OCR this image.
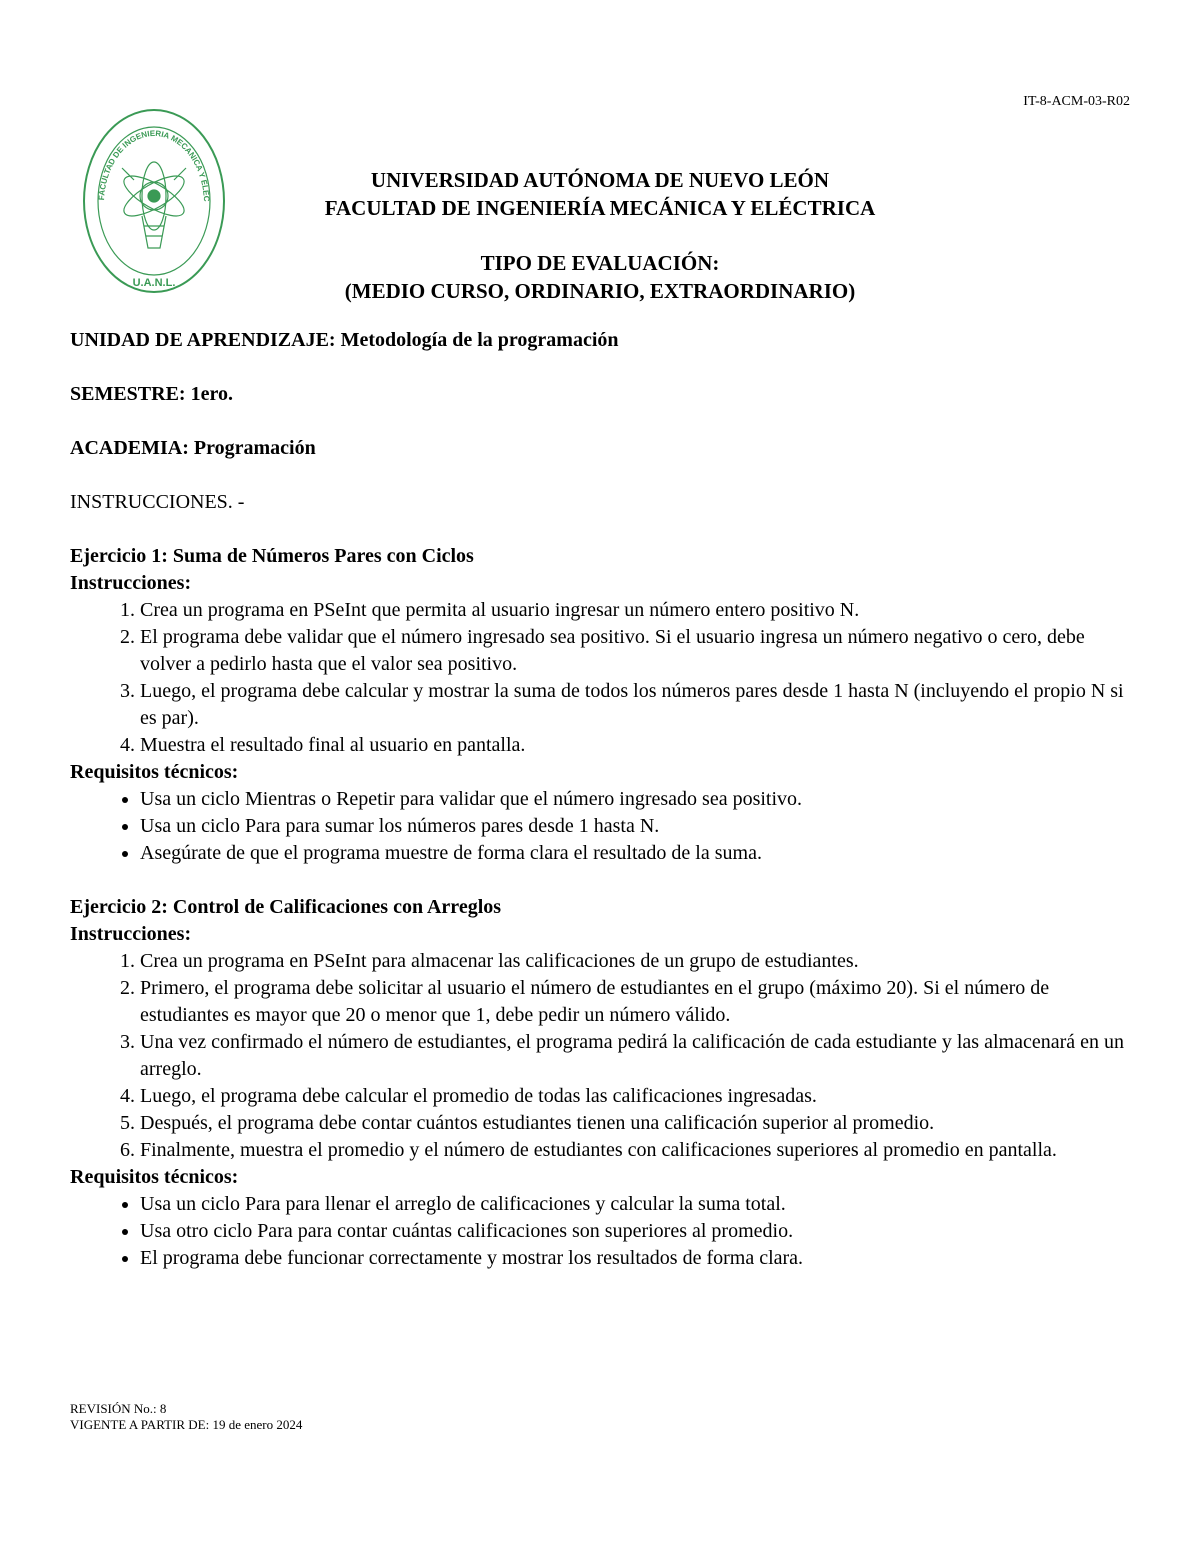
IT-8-ACM-03-R02
FACULTAD DE INGENIERIA MECANICA Y ELEC
U.A.N.L.
UNIVERSIDAD AUTÓNOMA DE NUEVO LEÓN
FACULTAD DE INGENIERÍA MECÁNICA Y ELÉCTRICA
TIPO DE EVALUACIÓN:
(MEDIO CURSO, ORDINARIO, EXTRAORDINARIO)

UNIDAD DE APRENDIZAJE: Metodología de la programación

SEMESTRE: 1ero.

ACADEMIA: Programación

INSTRUCCIONES. -

Ejercicio 1: Suma de Números Pares con Ciclos

Instrucciones:

1. Crea un programa en PSeInt que permita al usuario ingresar un número entero positivo N.
2. El programa debe validar que el número ingresado sea positivo. Si el usuario ingresa un número negativo o cero, debe volver a pedirlo hasta que el valor sea positivo.
3. Luego, el programa debe calcular y mostrar la suma de todos los números pares desde 1 hasta N (incluyendo el propio N si es par).
4. Muestra el resultado final al usuario en pantalla.

Requisitos técnicos:

• Usa un ciclo Mientras o Repetir para validar que el número ingresado sea positivo.
• Usa un ciclo Para para sumar los números pares desde 1 hasta N.
• Asegúrate de que el programa muestre de forma clara el resultado de la suma.

Ejercicio 2: Control de Calificaciones con Arreglos

Instrucciones:

1. Crea un programa en PSeInt para almacenar las calificaciones de un grupo de estudiantes.
2. Primero, el programa debe solicitar al usuario el número de estudiantes en el grupo (máximo 20). Si el número de estudiantes es mayor que 20 o menor que 1, debe pedir un número válido.
3. Una vez confirmado el número de estudiantes, el programa pedirá la calificación de cada estudiante y las almacenará en un arreglo.
4. Luego, el programa debe calcular el promedio de todas las calificaciones ingresadas.
5. Después, el programa debe contar cuántos estudiantes tienen una calificación superior al promedio.
6. Finalmente, muestra el promedio y el número de estudiantes con calificaciones superiores al promedio en pantalla.

Requisitos técnicos:

• Usa un ciclo Para para llenar el arreglo de calificaciones y calcular la suma total.
• Usa otro ciclo Para para contar cuántas calificaciones son superiores al promedio.
• El programa debe funcionar correctamente y mostrar los resultados de forma clara.
REVISIÓN No.: 8
VIGENTE A PARTIR DE: 19 de enero 2024
